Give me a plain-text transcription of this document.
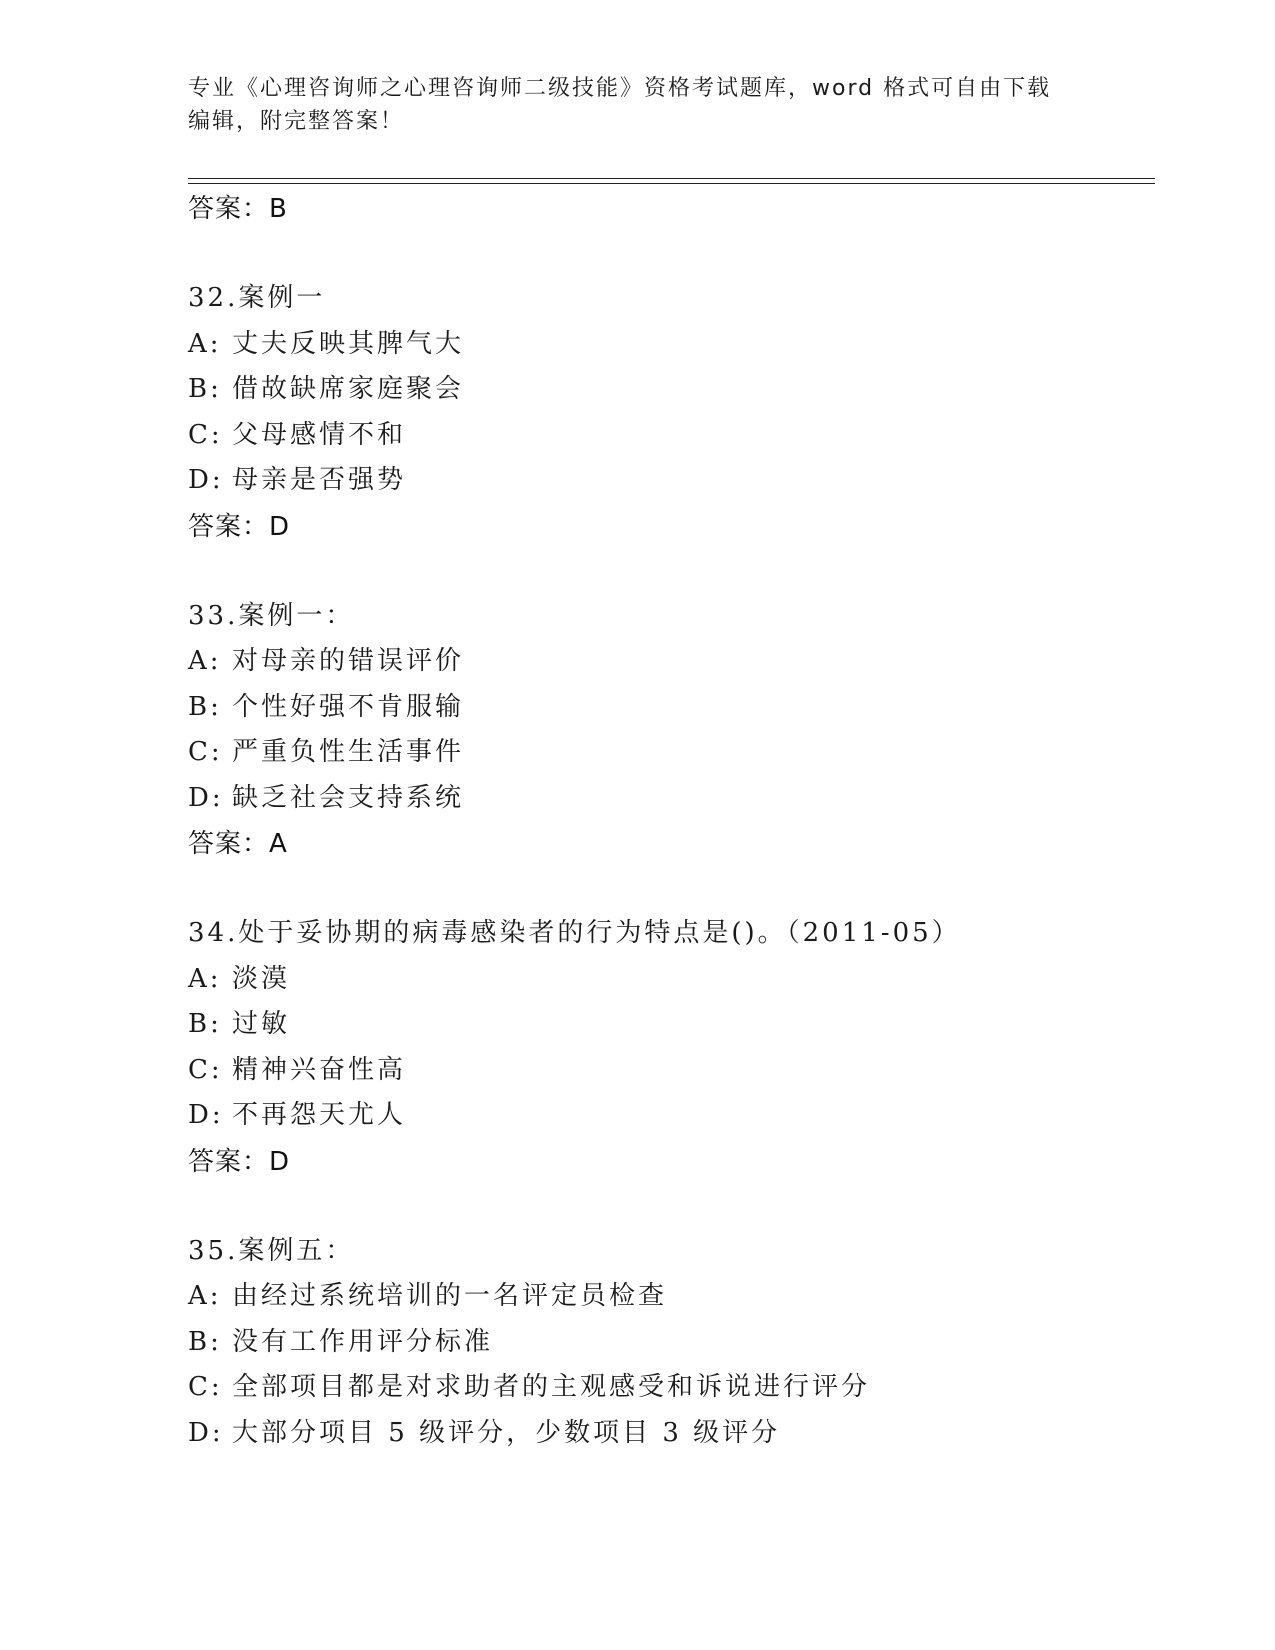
专业《心理咨询师之心理咨询师二级技能》资格考试题库，word 格式可自由下载
编辑，附完整答案！
答案：B
32.案例一
A: 丈夫反映其脾气大
B: 借故缺席家庭聚会
C: 父母感情不和
D: 母亲是否强势
答案：D
33.案例一：
A: 对母亲的错误评价
B: 个性好强不肯服输
C: 严重负性生活事件
D: 缺乏社会支持系统
答案：A
34.处于妥协期的病毒感染者的行为特点是()。（2011-05）
A: 淡漠
B: 过敏
C: 精神兴奋性高
D: 不再怨天尤人
答案：D
35.案例五：
A: 由经过系统培训的一名评定员检查
B: 没有工作用评分标准
C: 全部项目都是对求助者的主观感受和诉说进行评分
D: 大部分项目 5 级评分，少数项目 3 级评分
